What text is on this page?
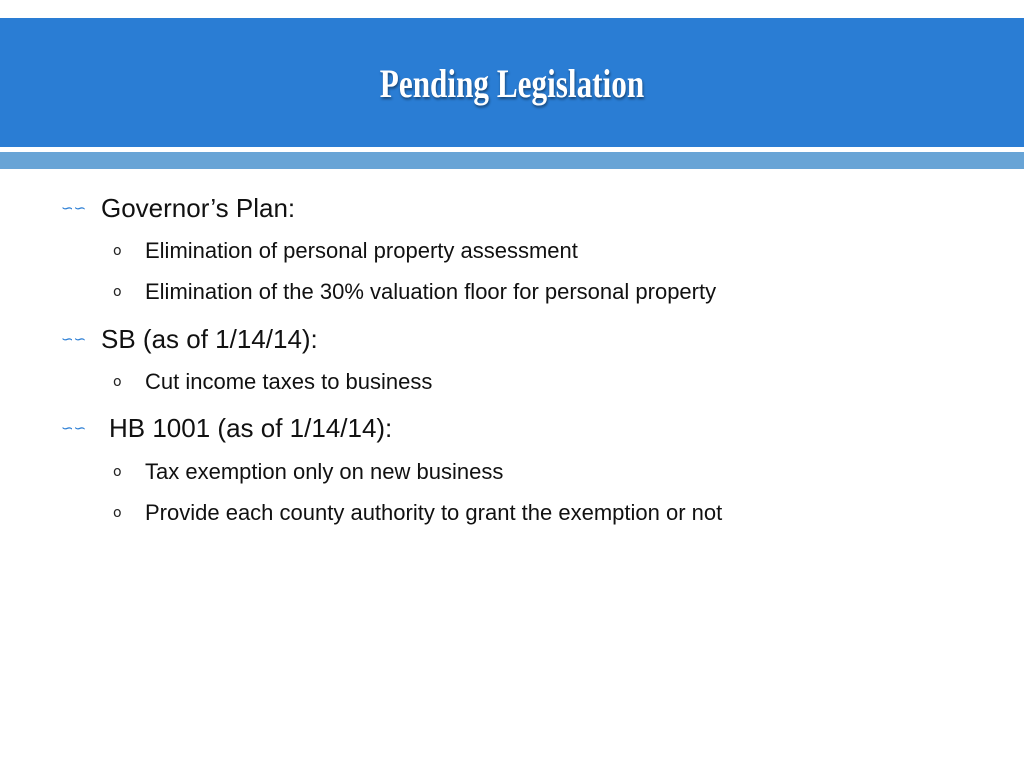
Pending Legislation
∽∽ Governor’s Plan:
o	Elimination of personal property assessment
o	Elimination of the 30% valuation floor for personal property
∽∽ SB (as of 1/14/14):
o	Cut income taxes to business
∽∽ HB 1001 (as of 1/14/14):
o	Tax exemption only on new business
o	Provide each county authority to grant the exemption or not
